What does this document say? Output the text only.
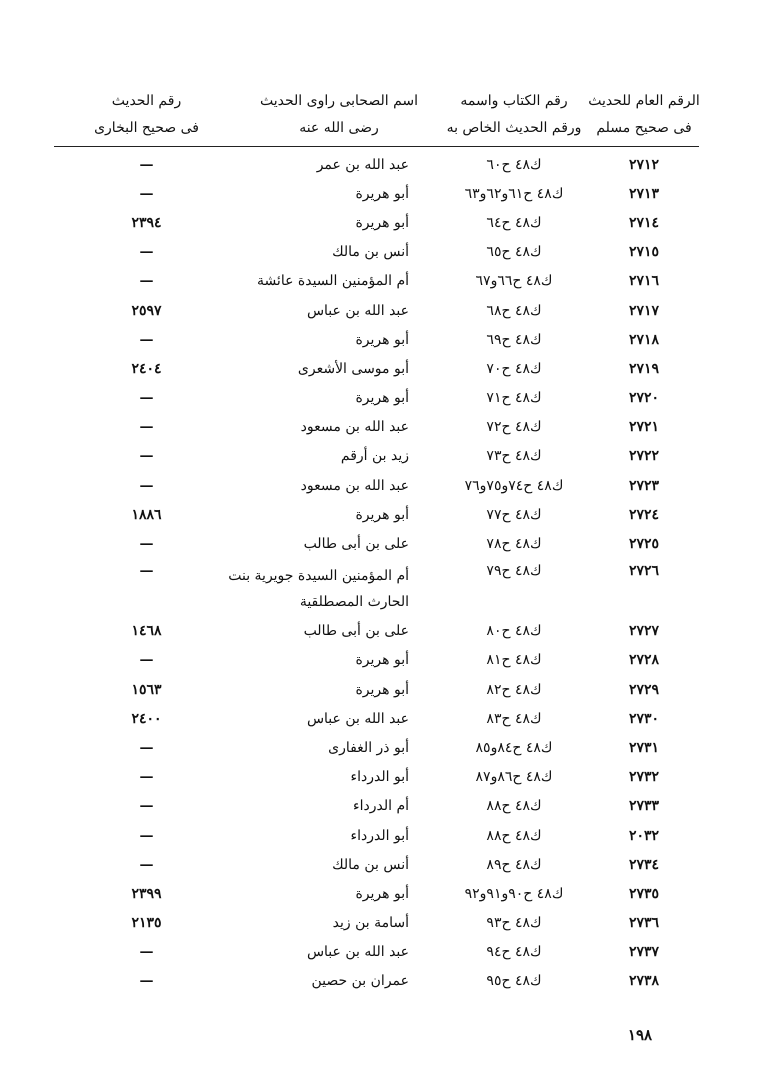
الرقم العام للحديث
فى صحيح مسلم
رقم الكتاب واسمه
ورقم الحديث الخاص به
اسم الصحابى راوى الحديث
رضى الله عنه
رقم الحديث
فى صحيح البخارى
٢٧١٢
ك٤٨ ح٦٠
عبد الله بن عمر
—
٢٧١٣
ك٤٨ ح٦١و٦٢و٦٣
أبو هريرة
—
٢٧١٤
ك٤٨ ح٦٤
أبو هريرة
٢٣٩٤
٢٧١٥
ك٤٨ ح٦٥
أنس بن مالك
—
٢٧١٦
ك٤٨ ح٦٦و٦٧
أم المؤمنين السيدة عائشة
—
٢٧١٧
ك٤٨ ح٦٨
عبد الله بن عباس
٢٥٩٧
٢٧١٨
ك٤٨ ح٦٩
أبو هريرة
—
٢٧١٩
ك٤٨ ح٧٠
أبو موسى الأشعرى
٢٤٠٤
٢٧٢٠
ك٤٨ ح٧١
أبو هريرة
—
٢٧٢١
ك٤٨ ح٧٢
عبد الله بن مسعود
—
٢٧٢٢
ك٤٨ ح٧٣
زيد بن أرقم
—
٢٧٢٣
ك٤٨ ح٧٤و٧٥و٧٦
عبد الله بن مسعود
—
٢٧٢٤
ك٤٨ ح٧٧
أبو هريرة
١٨٨٦
٢٧٢٥
ك٤٨ ح٧٨
على بن أبى طالب
—
٢٧٢٦
ك٤٨ ح٧٩
أم المؤمنين السيدة جويرية بنت
الحارث المصطلقية
—
٢٧٢٧
ك٤٨ ح٨٠
على بن أبى طالب
١٤٦٨
٢٧٢٨
ك٤٨ ح٨١
أبو هريرة
—
٢٧٢٩
ك٤٨ ح٨٢
أبو هريرة
١٥٦٣
٢٧٣٠
ك٤٨ ح٨٣
عبد الله بن عباس
٢٤٠٠
٢٧٣١
ك٤٨ ح٨٤و٨٥
أبو ذر الغفارى
—
٢٧٣٢
ك٤٨ ح٨٦و٨٧
أبو الدرداء
—
٢٧٣٣
ك٤٨ ح٨٨
أم الدرداء
—
٢٠٣٢
ك٤٨ ح٨٨
أبو الدرداء
—
٢٧٣٤
ك٤٨ ح٨٩
أنس بن مالك
—
٢٧٣٥
ك٤٨ ح٩٠و٩١و٩٢
أبو هريرة
٢٣٩٩
٢٧٣٦
ك٤٨ ح٩٣
أسامة بن زيد
٢١٣٥
٢٧٣٧
ك٤٨ ح٩٤
عبد الله بن عباس
—
٢٧٣٨
ك٤٨ ح٩٥
عمران بن حصين
—
١٩٨
